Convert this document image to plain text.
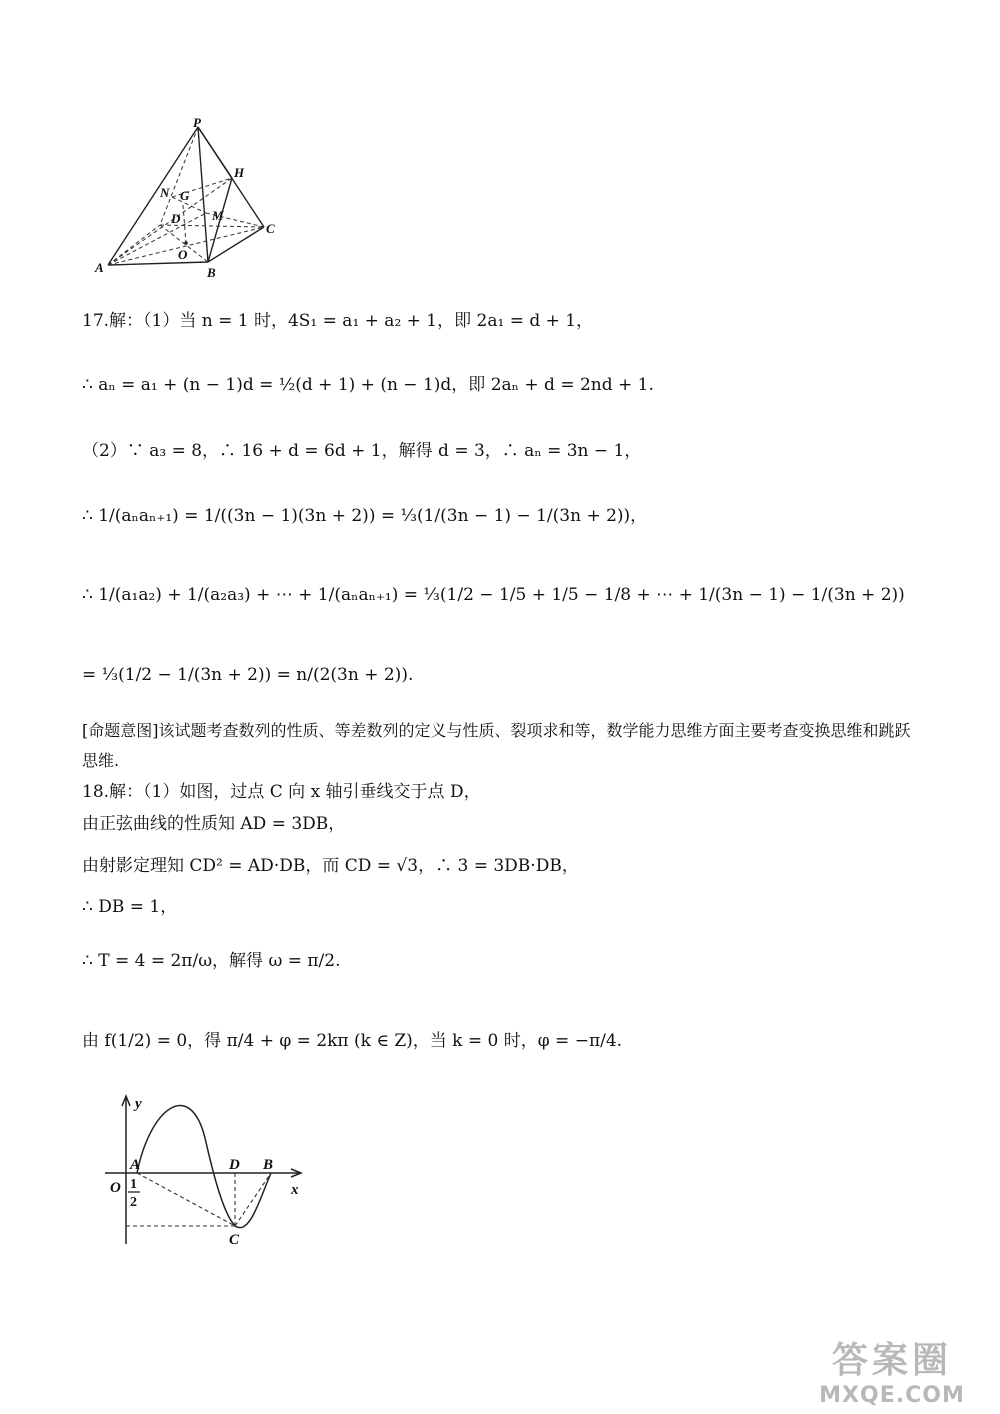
P
H
N G
D M
C
O
A	B
17.解：（1）当 n = 1 时，4S₁ = a₁ + a₂ + 1，即 2a₁ = d + 1，
∴ aₙ = a₁ + (n − 1)d = ½(d + 1) + (n − 1)d，即 2aₙ + d = 2nd + 1.
（2）∵ a₃ = 8，∴ 16 + d = 6d + 1，解得 d = 3，∴ aₙ = 3n − 1，
∴ 1/(aₙaₙ₊₁) = 1/((3n − 1)(3n + 2)) = ⅓(1/(3n − 1) − 1/(3n + 2))，
∴ 1/(a₁a₂) + 1/(a₂a₃) + ⋯ + 1/(aₙaₙ₊₁) = ⅓(1/2 − 1/5 + 1/5 − 1/8 + ⋯ + 1/(3n − 1) − 1/(3n + 2))
= ⅓(1/2 − 1/(3n + 2)) = n/(2(3n + 2)).
[命题意图]该试题考查数列的性质、等差数列的定义与性质、裂项求和等，数学能力思维方面主要考查变换思维和跳跃思维.
18.解：（1）如图，过点 C 向 x 轴引垂线交于点 D，
由正弦曲线的性质知 AD = 3DB，
由射影定理知 CD² = AD·DB，而 CD = √3，∴ 3 = 3DB·DB，
∴ DB = 1，
∴ T = 4 = 2π/ω，解得 ω = π/2.
由 f(1/2) = 0，得 π/4 + φ = 2kπ (k ∈ Z)，当 k = 0 时，φ = −π/4.
y
x
O
A	D B
C
1
2
答案圈
MXQE.COM
